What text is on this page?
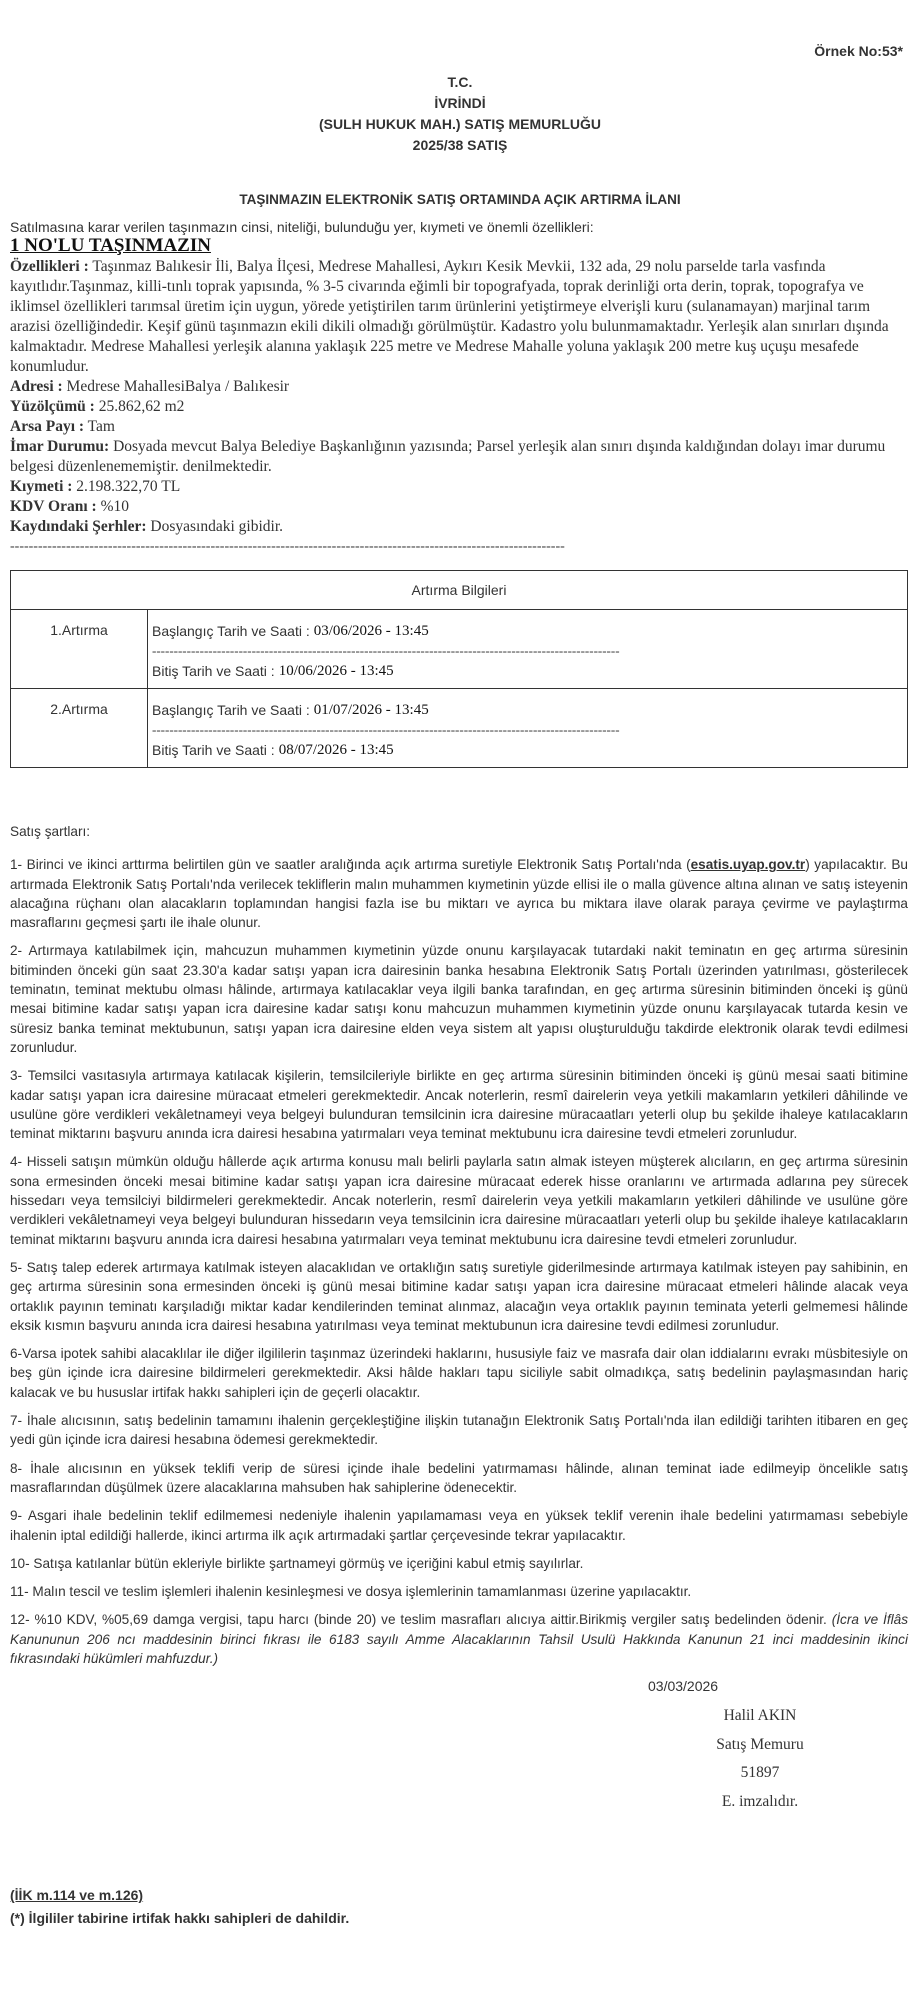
Örnek No:53*
T.C.
İVRİNDİ
(SULH HUKUK MAH.) SATIŞ MEMURLUĞU
2025/38 SATIŞ
TAŞINMAZIN ELEKTRONİK SATIŞ ORTAMINDA AÇIK ARTIRMA İLANI
Satılmasına karar verilen taşınmazın cinsi, niteliği, bulunduğu yer, kıymeti ve önemli özellikleri:
1 NO'LU TAŞINMAZIN
Özellikleri : Taşınmaz Balıkesir İli, Balya İlçesi, Medrese Mahallesi, Aykırı Kesik Mevkii, 132 ada, 29 nolu parselde tarla vasfında kayıtlıdır.Taşınmaz, killi-tınlı toprak yapısında, % 3-5 civarında eğimli bir topografyada, toprak derinliği orta derin, toprak, topografya ve iklimsel özellikleri tarımsal üretim için uygun, yörede yetiştirilen tarım ürünlerini yetiştirmeye elverişli kuru (sulanamayan) marjinal tarım arazisi özelliğindedir. Keşif günü taşınmazın ekili dikili olmadığı görülmüştür. Kadastro yolu bulunmamaktadır. Yerleşik alan sınırları dışında kalmaktadır. Medrese Mahallesi yerleşik alanına yaklaşık 225 metre ve Medrese Mahalle yoluna yaklaşık 200 metre kuş uçuşu mesafede konumludur.
Adresi : Medrese MahallesiBalya / Balıkesir
Yüzölçümü : 25.862,62 m2
Arsa Payı : Tam
İmar Durumu: Dosyada mevcut Balya Belediye Başkanlığının yazısında; Parsel yerleşik alan sınırı dışında kaldığından dolayı imar durumu belgesi düzenlenememiştir. denilmektedir.
Kıymeti : 2.198.322,70 TL
KDV Oranı : %10
Kaydındaki Şerhler: Dosyasındaki gibidir.
-----------------------------------------------------------------------------------------------------------------------
Artırma Bilgileri	
1.Artırma	Başlangıç Tarih ve Saati : 03/06/2026 - 13:45
------------------------------------------------------------------------------------------------------------
Bitiş Tarih ve Saati : 10/06/2026 - 13:45

2.Artırma	Başlangıç Tarih ve Saati : 01/07/2026 - 13:45
------------------------------------------------------------------------------------------------------------
Bitiş Tarih ve Saati : 08/07/2026 - 13:45

Satış şartları:

1- Birinci ve ikinci arttırma belirtilen gün ve saatler aralığında açık artırma suretiyle Elektronik Satış Portalı'nda (esatis.uyap.gov.tr) yapılacaktır. Bu artırmada Elektronik Satış Portalı'nda verilecek tekliflerin malın muhammen kıymetinin yüzde ellisi ile o malla güvence altına alınan ve satış isteyenin alacağına rüçhanı olan alacakların toplamından hangisi fazla ise bu miktarı ve ayrıca bu miktara ilave olarak paraya çevirme ve paylaştırma masraflarını geçmesi şartı ile ihale olunur.

2- Artırmaya katılabilmek için, mahcuzun muhammen kıymetinin yüzde onunu karşılayacak tutardaki nakit teminatın en geç artırma süresinin bitiminden önceki gün saat 23.30'a kadar satışı yapan icra dairesinin banka hesabına Elektronik Satış Portalı üzerinden yatırılması, gösterilecek teminatın, teminat mektubu olması hâlinde, artırmaya katılacaklar veya ilgili banka tarafından, en geç artırma süresinin bitiminden önceki iş günü mesai bitimine kadar satışı yapan icra dairesine kadar satışı konu mahcuzun muhammen kıymetinin yüzde onunu karşılayacak tutarda kesin ve süresiz banka teminat mektubunun, satışı yapan icra dairesine elden veya sistem alt yapısı oluşturulduğu takdirde elektronik olarak tevdi edilmesi zorunludur.

3- Temsilci vasıtasıyla artırmaya katılacak kişilerin, temsilcileriyle birlikte en geç artırma süresinin bitiminden önceki iş günü mesai saati bitimine kadar satışı yapan icra dairesine müracaat etmeleri gerekmektedir. Ancak noterlerin, resmî dairelerin veya yetkili makamların yetkileri dâhilinde ve usulüne göre verdikleri vekâletnameyi veya belgeyi bulunduran temsilcinin icra dairesine müracaatları yeterli olup bu şekilde ihaleye katılacakların teminat miktarını başvuru anında icra dairesi hesabına yatırmaları veya teminat mektubunu icra dairesine tevdi etmeleri zorunludur.

4- Hisseli satışın mümkün olduğu hâllerde açık artırma konusu malı belirli paylarla satın almak isteyen müşterek alıcıların, en geç artırma süresinin sona ermesinden önceki mesai bitimine kadar satışı yapan icra dairesine müracaat ederek hisse oranlarını ve artırmada adlarına pey sürecek hissedarı veya temsilciyi bildirmeleri gerekmektedir. Ancak noterlerin, resmî dairelerin veya yetkili makamların yetkileri dâhilinde ve usulüne göre verdikleri vekâletnameyi veya belgeyi bulunduran hissedarın veya temsilcinin icra dairesine müracaatları yeterli olup bu şekilde ihaleye katılacakların teminat miktarını başvuru anında icra dairesi hesabına yatırmaları veya teminat mektubunu icra dairesine tevdi etmeleri zorunludur.

5- Satış talep ederek artırmaya katılmak isteyen alacaklıdan ve ortaklığın satış suretiyle giderilmesinde artırmaya katılmak isteyen pay sahibinin, en geç artırma süresinin sona ermesinden önceki iş günü mesai bitimine kadar satışı yapan icra dairesine müracaat etmeleri hâlinde alacak veya ortaklık payının teminatı karşıladığı miktar kadar kendilerinden teminat alınmaz, alacağın veya ortaklık payının teminata yeterli gelmemesi hâlinde eksik kısmın başvuru anında icra dairesi hesabına yatırılması veya teminat mektubunun icra dairesine tevdi edilmesi zorunludur.

6-Varsa ipotek sahibi alacaklılar ile diğer ilgililerin taşınmaz üzerindeki haklarını, hususiyle faiz ve masrafa dair olan iddialarını evrakı müsbitesiyle on beş gün içinde icra dairesine bildirmeleri gerekmektedir. Aksi hâlde hakları tapu siciliyle sabit olmadıkça, satış bedelinin paylaşmasından hariç kalacak ve bu hususlar irtifak hakkı sahipleri için de geçerli olacaktır.

7- İhale alıcısının, satış bedelinin tamamını ihalenin gerçekleştiğine ilişkin tutanağın Elektronik Satış Portalı'nda ilan edildiği tarihten itibaren en geç yedi gün içinde icra dairesi hesabına ödemesi gerekmektedir.

8- İhale alıcısının en yüksek teklifi verip de süresi içinde ihale bedelini yatırmaması hâlinde, alınan teminat iade edilmeyip öncelikle satış masraflarından düşülmek üzere alacaklarına mahsuben hak sahiplerine ödenecektir.

9- Asgari ihale bedelinin teklif edilmemesi nedeniyle ihalenin yapılamaması veya en yüksek teklif verenin ihale bedelini yatırmaması sebebiyle ihalenin iptal edildiği hallerde, ikinci artırma ilk açık artırmadaki şartlar çerçevesinde tekrar yapılacaktır.

10- Satışa katılanlar bütün ekleriyle birlikte şartnameyi görmüş ve içeriğini kabul etmiş sayılırlar.

11- Malın tescil ve teslim işlemleri ihalenin kesinleşmesi ve dosya işlemlerinin tamamlanması üzerine yapılacaktır.

12- %10 KDV, %05,69 damga vergisi, tapu harcı (binde 20) ve teslim masrafları alıcıya aittir.Birikmiş vergiler satış bedelinden ödenir. (İcra ve İflâs Kanununun 206 ncı maddesinin birinci fıkrası ile 6183 sayılı Amme Alacaklarının Tahsil Usulü Hakkında Kanunun 21 inci maddesinin ikinci fıkrasındaki hükümleri mahfuzdur.)

03/03/2026
Halil AKIN
Satış Memuru
51897
E. imzalıdır.
(İİK m.114 ve m.126)
(*) İlgililer tabirine irtifak hakkı sahipleri de dahildir.
